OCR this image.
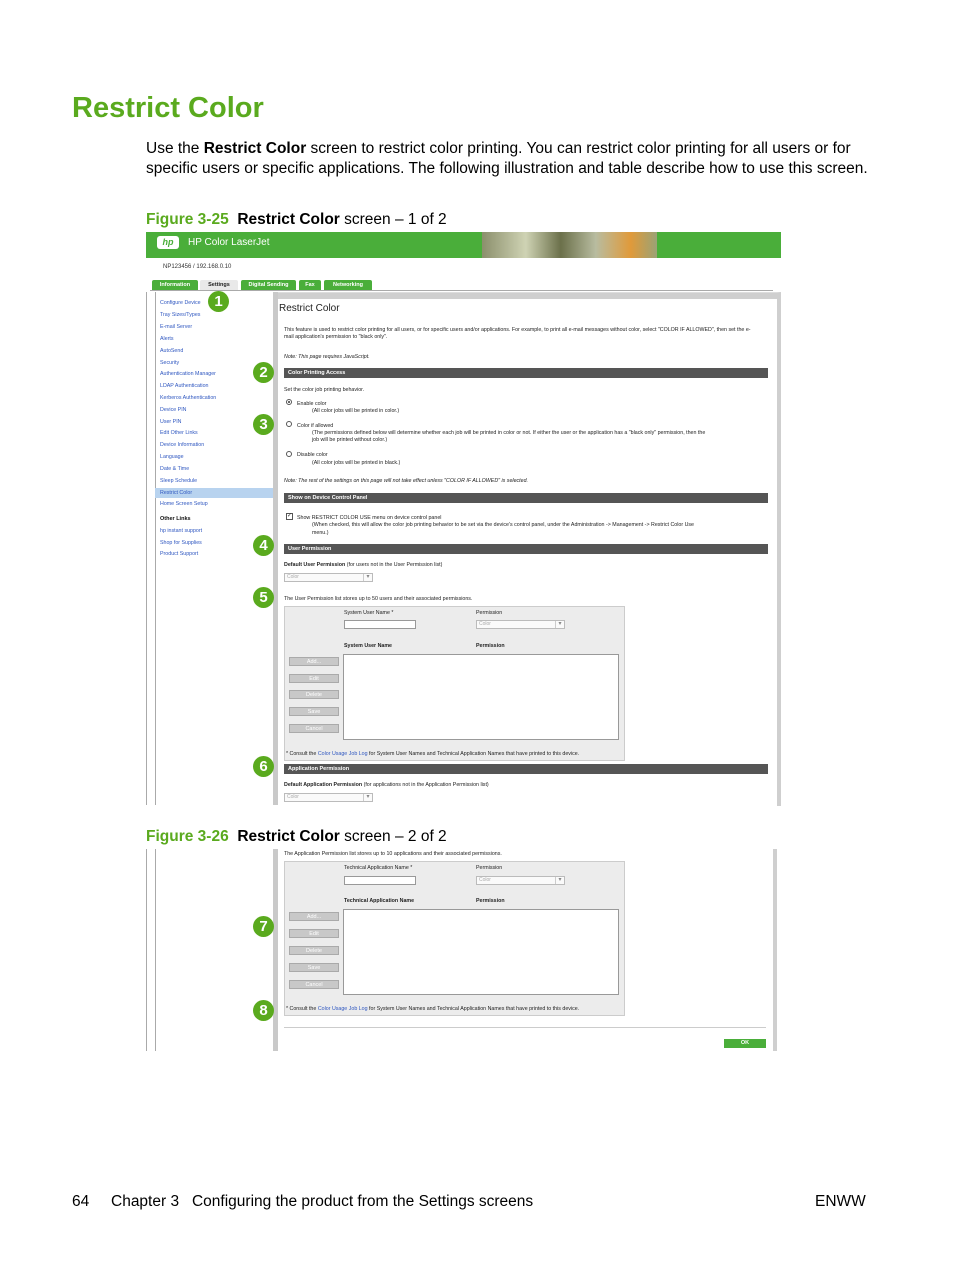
Restrict Color
Use the Restrict Color screen to restrict color printing. You can restrict color printing for all users or for specific users or specific applications. The following illustration and table describe how to use this screen.
Figure 3-25 Restrict Color screen – 1 of 2
hp	HP Color LaserJet
NP123456 / 192.168.0.10
Information	Settings	Digital Sending	Fax	Networking
Configure Device
Tray Sizes/Types
E-mail Server
Alerts
AutoSend
Security
Authentication Manager
LDAP Authentication
Kerberos Authentication
Device PIN
User PIN
Edit Other Links
Device Information
Language
Date & Time
Sleep Schedule
Restrict Color
Home Screen Setup
Other Links
hp instant support
Shop for Supplies
Product Support
Restrict Color
This feature is used to restrict color printing for all users, or for specific users and/or applications. For example, to print all e-mail messages without color, select "COLOR IF ALLOWED", then set the e-mail application's permission to "black only".
Note: This page requires JavaScript.
Color Printing Access
Set the color job printing behavior.
Enable color
(All color jobs will be printed in color.)
Color if allowed
(The permissions defined below will determine whether each job will be printed in color or not. If either the user or the application has a "black only" permission, then the
job will be printed without color.)
Disable color
(All color jobs will be printed in black.)
Note: The rest of the settings on this page will not take effect unless "COLOR IF ALLOWED" is selected.
Show on Device Control Panel
✓ Show RESTRICT COLOR USE menu on device control panel
(When checked, this will allow the color job printing behavior to be set via the device's control panel, under the Administration -> Management -> Restrict Color Use
menu.)
User Permission
Default User Permission (for users not in the User Permission list)
Color ▾
The User Permission list stores up to 50 users and their associated permissions.
System User Name *	Permission
Color ▾
System User Name	Permission
Add...
Edit
Delete
Save
Cancel
* Consult the Color Usage Job Log for System User Names and Technical Application Names that have printed to this device.
Application Permission
Default Application Permission (for applications not in the Application Permission list)
Color ▾
1
2
3
4
5
6
Figure 3-26 Restrict Color screen – 2 of 2
The Application Permission list stores up to 10 applications and their associated permissions.
Technical Application Name *	Permission
Color ▾
Technical Application Name	Permission
Add...
Edit
Delete
Save
Cancel
* Consult the Color Usage Job Log for System User Names and Technical Application Names that have printed to this device.
OK
7
8
64 Chapter 3   Configuring the product from the Settings screens	ENWW
